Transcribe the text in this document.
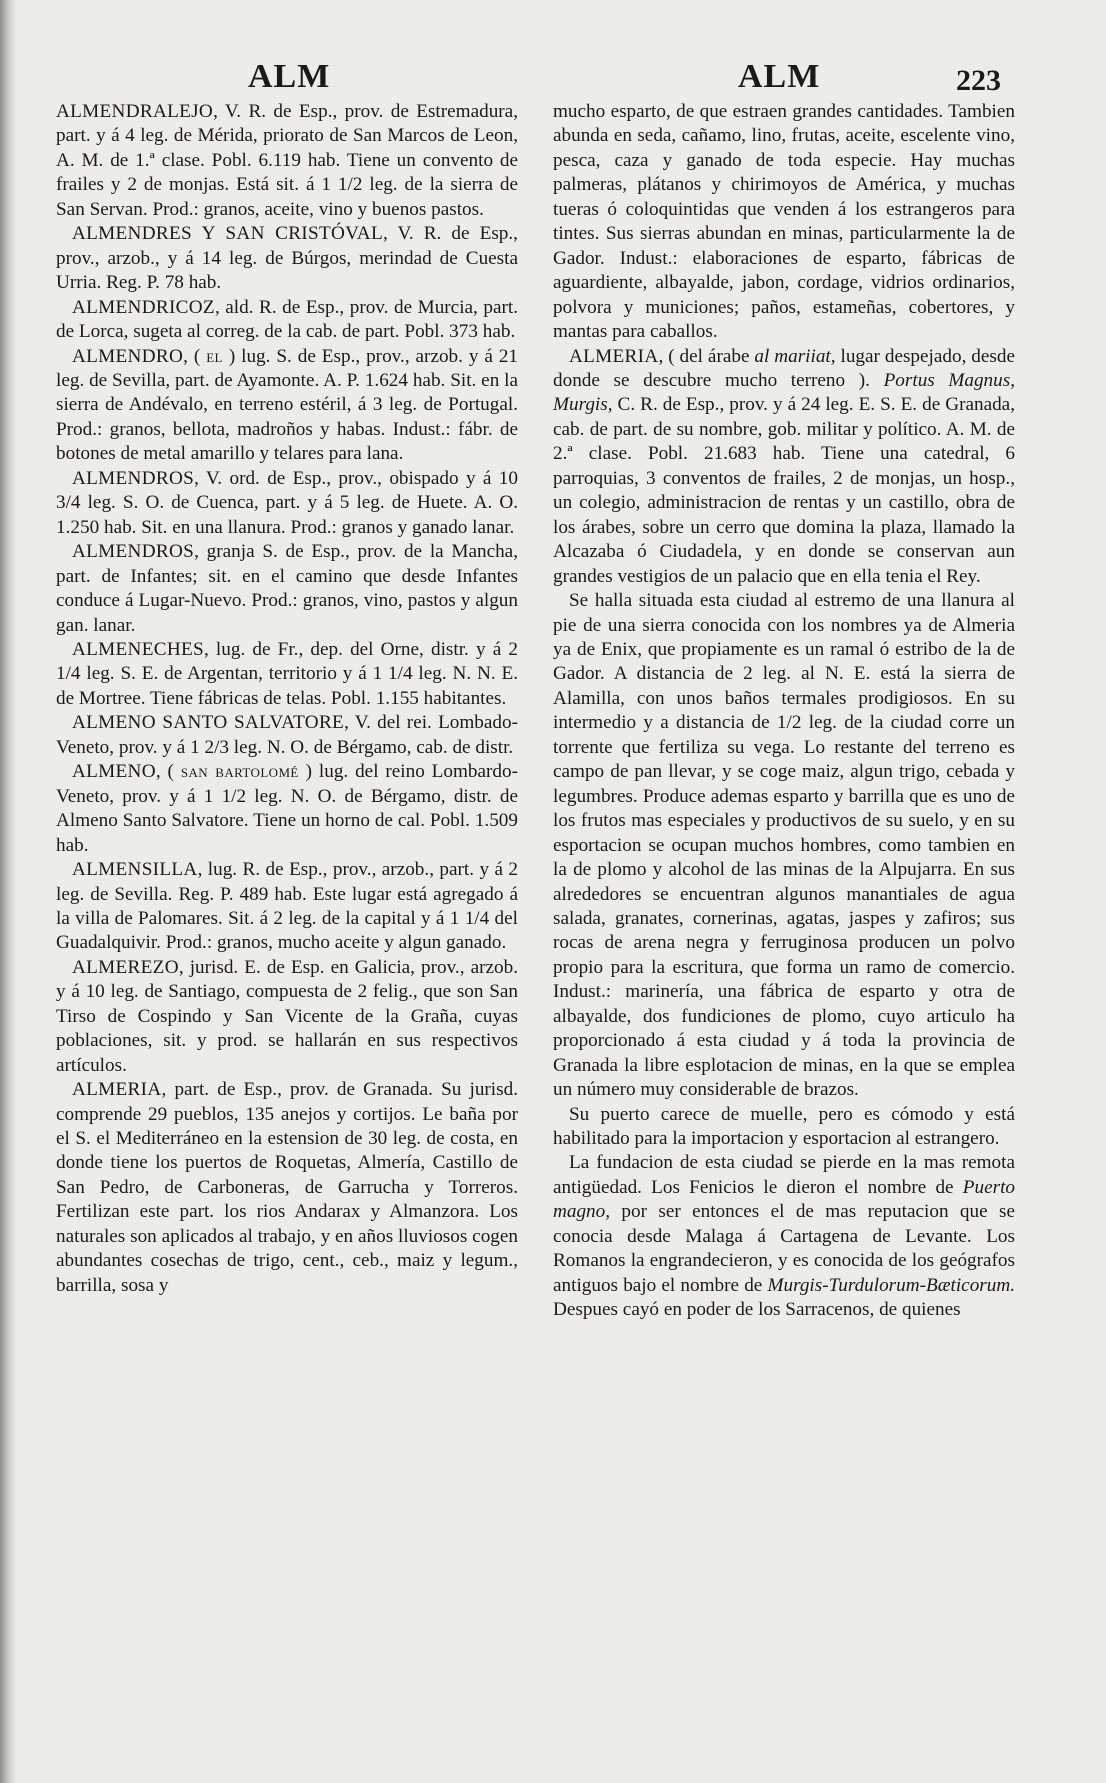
ALM	ALM	223

ALMENDRALEJO, V. R. de Esp., prov. de Estremadura, part. y á 4 leg. de Mérida, priorato de San Marcos de Leon, A. M. de 1.ª clase. Pobl. 6.119 hab. Tiene un convento de frailes y 2 de monjas. Está sit. á 1 1/2 leg. de la sierra de San Servan. Prod.: granos, aceite, vino y buenos pastos.

ALMENDRES Y SAN CRISTÓVAL, V. R. de Esp., prov., arzob., y á 14 leg. de Búrgos, merindad de Cuesta Urria. Reg. P. 78 hab.

ALMENDRICOZ, ald. R. de Esp., prov. de Murcia, part. de Lorca, sugeta al correg. de la cab. de part. Pobl. 373 hab.

ALMENDRO, ( el ) lug. S. de Esp., prov., arzob. y á 21 leg. de Sevilla, part. de Ayamonte. A. P. 1.624 hab. Sit. en la sierra de Andévalo, en terreno estéril, á 3 leg. de Portugal. Prod.: granos, bellota, madroños y habas. Indust.: fábr. de botones de metal amarillo y telares para lana.

ALMENDROS, V. ord. de Esp., prov., obispado y á 10 3/4 leg. S. O. de Cuenca, part. y á 5 leg. de Huete. A. O. 1.250 hab. Sit. en una llanura. Prod.: granos y ganado lanar.

ALMENDROS, granja S. de Esp., prov. de la Mancha, part. de Infantes; sit. en el camino que desde Infantes conduce á Lugar-Nuevo. Prod.: granos, vino, pastos y algun gan. lanar.

ALMENECHES, lug. de Fr., dep. del Orne, distr. y á 2 1/4 leg. S. E. de Argentan, territorio y á 1 1/4 leg. N. N. E. de Mortree. Tiene fábricas de telas. Pobl. 1.155 habitantes.

ALMENO SANTO SALVATORE, V. del rei. Lombado-Veneto, prov. y á 1 2/3 leg. N. O. de Bérgamo, cab. de distr.

ALMENO, ( san bartolomé ) lug. del reino Lombardo-Veneto, prov. y á 1 1/2 leg. N. O. de Bérgamo, distr. de Almeno Santo Salvatore. Tiene un horno de cal. Pobl. 1.509 hab.

ALMENSILLA, lug. R. de Esp., prov., arzob., part. y á 2 leg. de Sevilla. Reg. P. 489 hab. Este lugar está agregado á la villa de Palomares. Sit. á 2 leg. de la capital y á 1 1/4 del Guadalquivir. Prod.: granos, mucho aceite y algun ganado.

ALMEREZO, jurisd. E. de Esp. en Galicia, prov., arzob. y á 10 leg. de Santiago, compuesta de 2 felig., que son San Tirso de Cospindo y San Vicente de la Graña, cuyas poblaciones, sit. y prod. se hallarán en sus respectivos artículos.

ALMERIA, part. de Esp., prov. de Granada. Su jurisd. comprende 29 pueblos, 135 anejos y cortijos. Le baña por el S. el Mediterráneo en la estension de 30 leg. de costa, en donde tiene los puertos de Roquetas, Almería, Castillo de San Pedro, de Carboneras, de Garrucha y Torreros. Fertilizan este part. los rios Andarax y Almanzora. Los naturales son aplicados al trabajo, y en años lluviosos cogen abundantes cosechas de trigo, cent., ceb., maiz y legum., barrilla, sosa y

mucho esparto, de que estraen grandes cantidades. Tambien abunda en seda, cañamo, lino, frutas, aceite, escelente vino, pesca, caza y ganado de toda especie. Hay muchas palmeras, plátanos y chirimoyos de América, y muchas tueras ó coloquintidas que venden á los estrangeros para tintes. Sus sierras abundan en minas, particularmente la de Gador. Indust.: elaboraciones de esparto, fábricas de aguardiente, albayalde, jabon, cordage, vidrios ordinarios, polvora y municiones; paños, estameñas, cobertores, y mantas para caballos.

ALMERIA, ( del árabe al mariiat, lugar despejado, desde donde se descubre mucho terreno ). Portus Magnus, Murgis, C. R. de Esp., prov. y á 24 leg. E. S. E. de Granada, cab. de part. de su nombre, gob. militar y político. A. M. de 2.ª clase. Pobl. 21.683 hab. Tiene una catedral, 6 parroquias, 3 conventos de frailes, 2 de monjas, un hosp., un colegio, administracion de rentas y un castillo, obra de los árabes, sobre un cerro que domina la plaza, llamado la Alcazaba ó Ciudadela, y en donde se conservan aun grandes vestigios de un palacio que en ella tenia el Rey.

Se halla situada esta ciudad al estremo de una llanura al pie de una sierra conocida con los nombres ya de Almeria ya de Enix, que propiamente es un ramal ó estribo de la de Gador. A distancia de 2 leg. al N. E. está la sierra de Alamilla, con unos baños termales prodigiosos. En su intermedio y a distancia de 1/2 leg. de la ciudad corre un torrente que fertiliza su vega. Lo restante del terreno es campo de pan llevar, y se coge maiz, algun trigo, cebada y legumbres. Produce ademas esparto y barrilla que es uno de los frutos mas especiales y productivos de su suelo, y en su esportacion se ocupan muchos hombres, como tambien en la de plomo y alcohol de las minas de la Alpujarra. En sus alrededores se encuentran algunos manantiales de agua salada, granates, cornerinas, agatas, jaspes y zafiros; sus rocas de arena negra y ferruginosa producen un polvo propio para la escritura, que forma un ramo de comercio. Indust.: marinería, una fábrica de esparto y otra de albayalde, dos fundiciones de plomo, cuyo articulo ha proporcionado á esta ciudad y á toda la provincia de Granada la libre esplotacion de minas, en la que se emplea un número muy considerable de brazos.

Su puerto carece de muelle, pero es cómodo y está habilitado para la importacion y esportacion al estrangero.

La fundacion de esta ciudad se pierde en la mas remota antigüedad. Los Fenicios le dieron el nombre de Puerto magno, por ser entonces el de mas reputacion que se conocia desde Malaga á Cartagena de Levante. Los Romanos la engrandecieron, y es conocida de los geógrafos antiguos bajo el nombre de Murgis-Turdulorum-Bæticorum. Despues cayó en poder de los Sarracenos, de quienes
